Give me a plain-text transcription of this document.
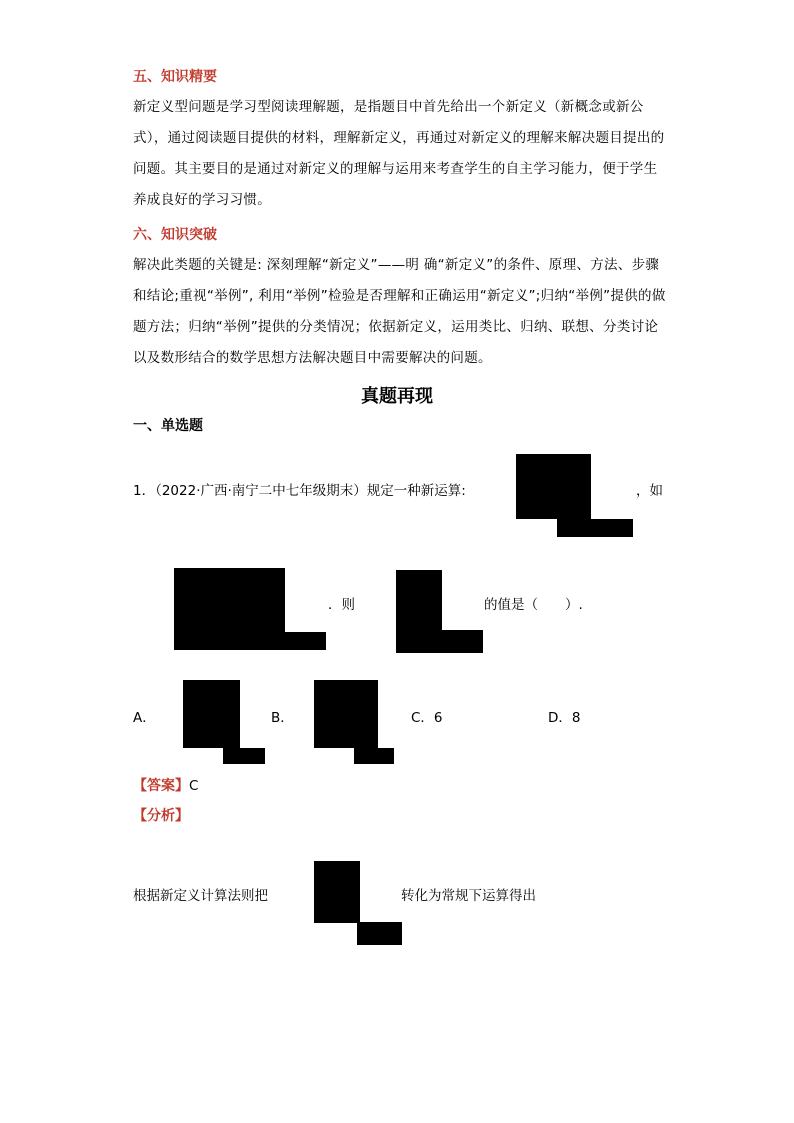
五、知识精要
新定义型问题是学习型阅读理解题，是指题目中首先给出一个新定义（新概念或新公式），通过阅读题目提供的材料，理解新定义，再通过对新定义的理解来解决题目提出的问题。其主要目的是通过对新定义的理解与运用来考查学生的自主学习能力，便于学生养成良好的学习习惯。
六、知识突破
解决此类题的关键是: 深刻理解“新定义”——明 确“新定义”的条件、原理、方法、步骤和结论;重视“举例”, 利用“举例”检验是否理解和正确运用“新定义”;归纳“举例”提供的做题方法；归纳“举例”提供的分类情况；依据新定义，运用类比、归纳、联想、分类讨论以及数形结合的数学思想方法解决题目中需要解决的问题。
真题再现
一、单选题
1．（2022·广西·南宁二中七年级期末）规定一种新运算:	，如
．则	的值是（　　）.
A．	B．	C．6	D．8
【答案】C
【分析】
根据新定义计算法则把	转化为常规下运算得出
